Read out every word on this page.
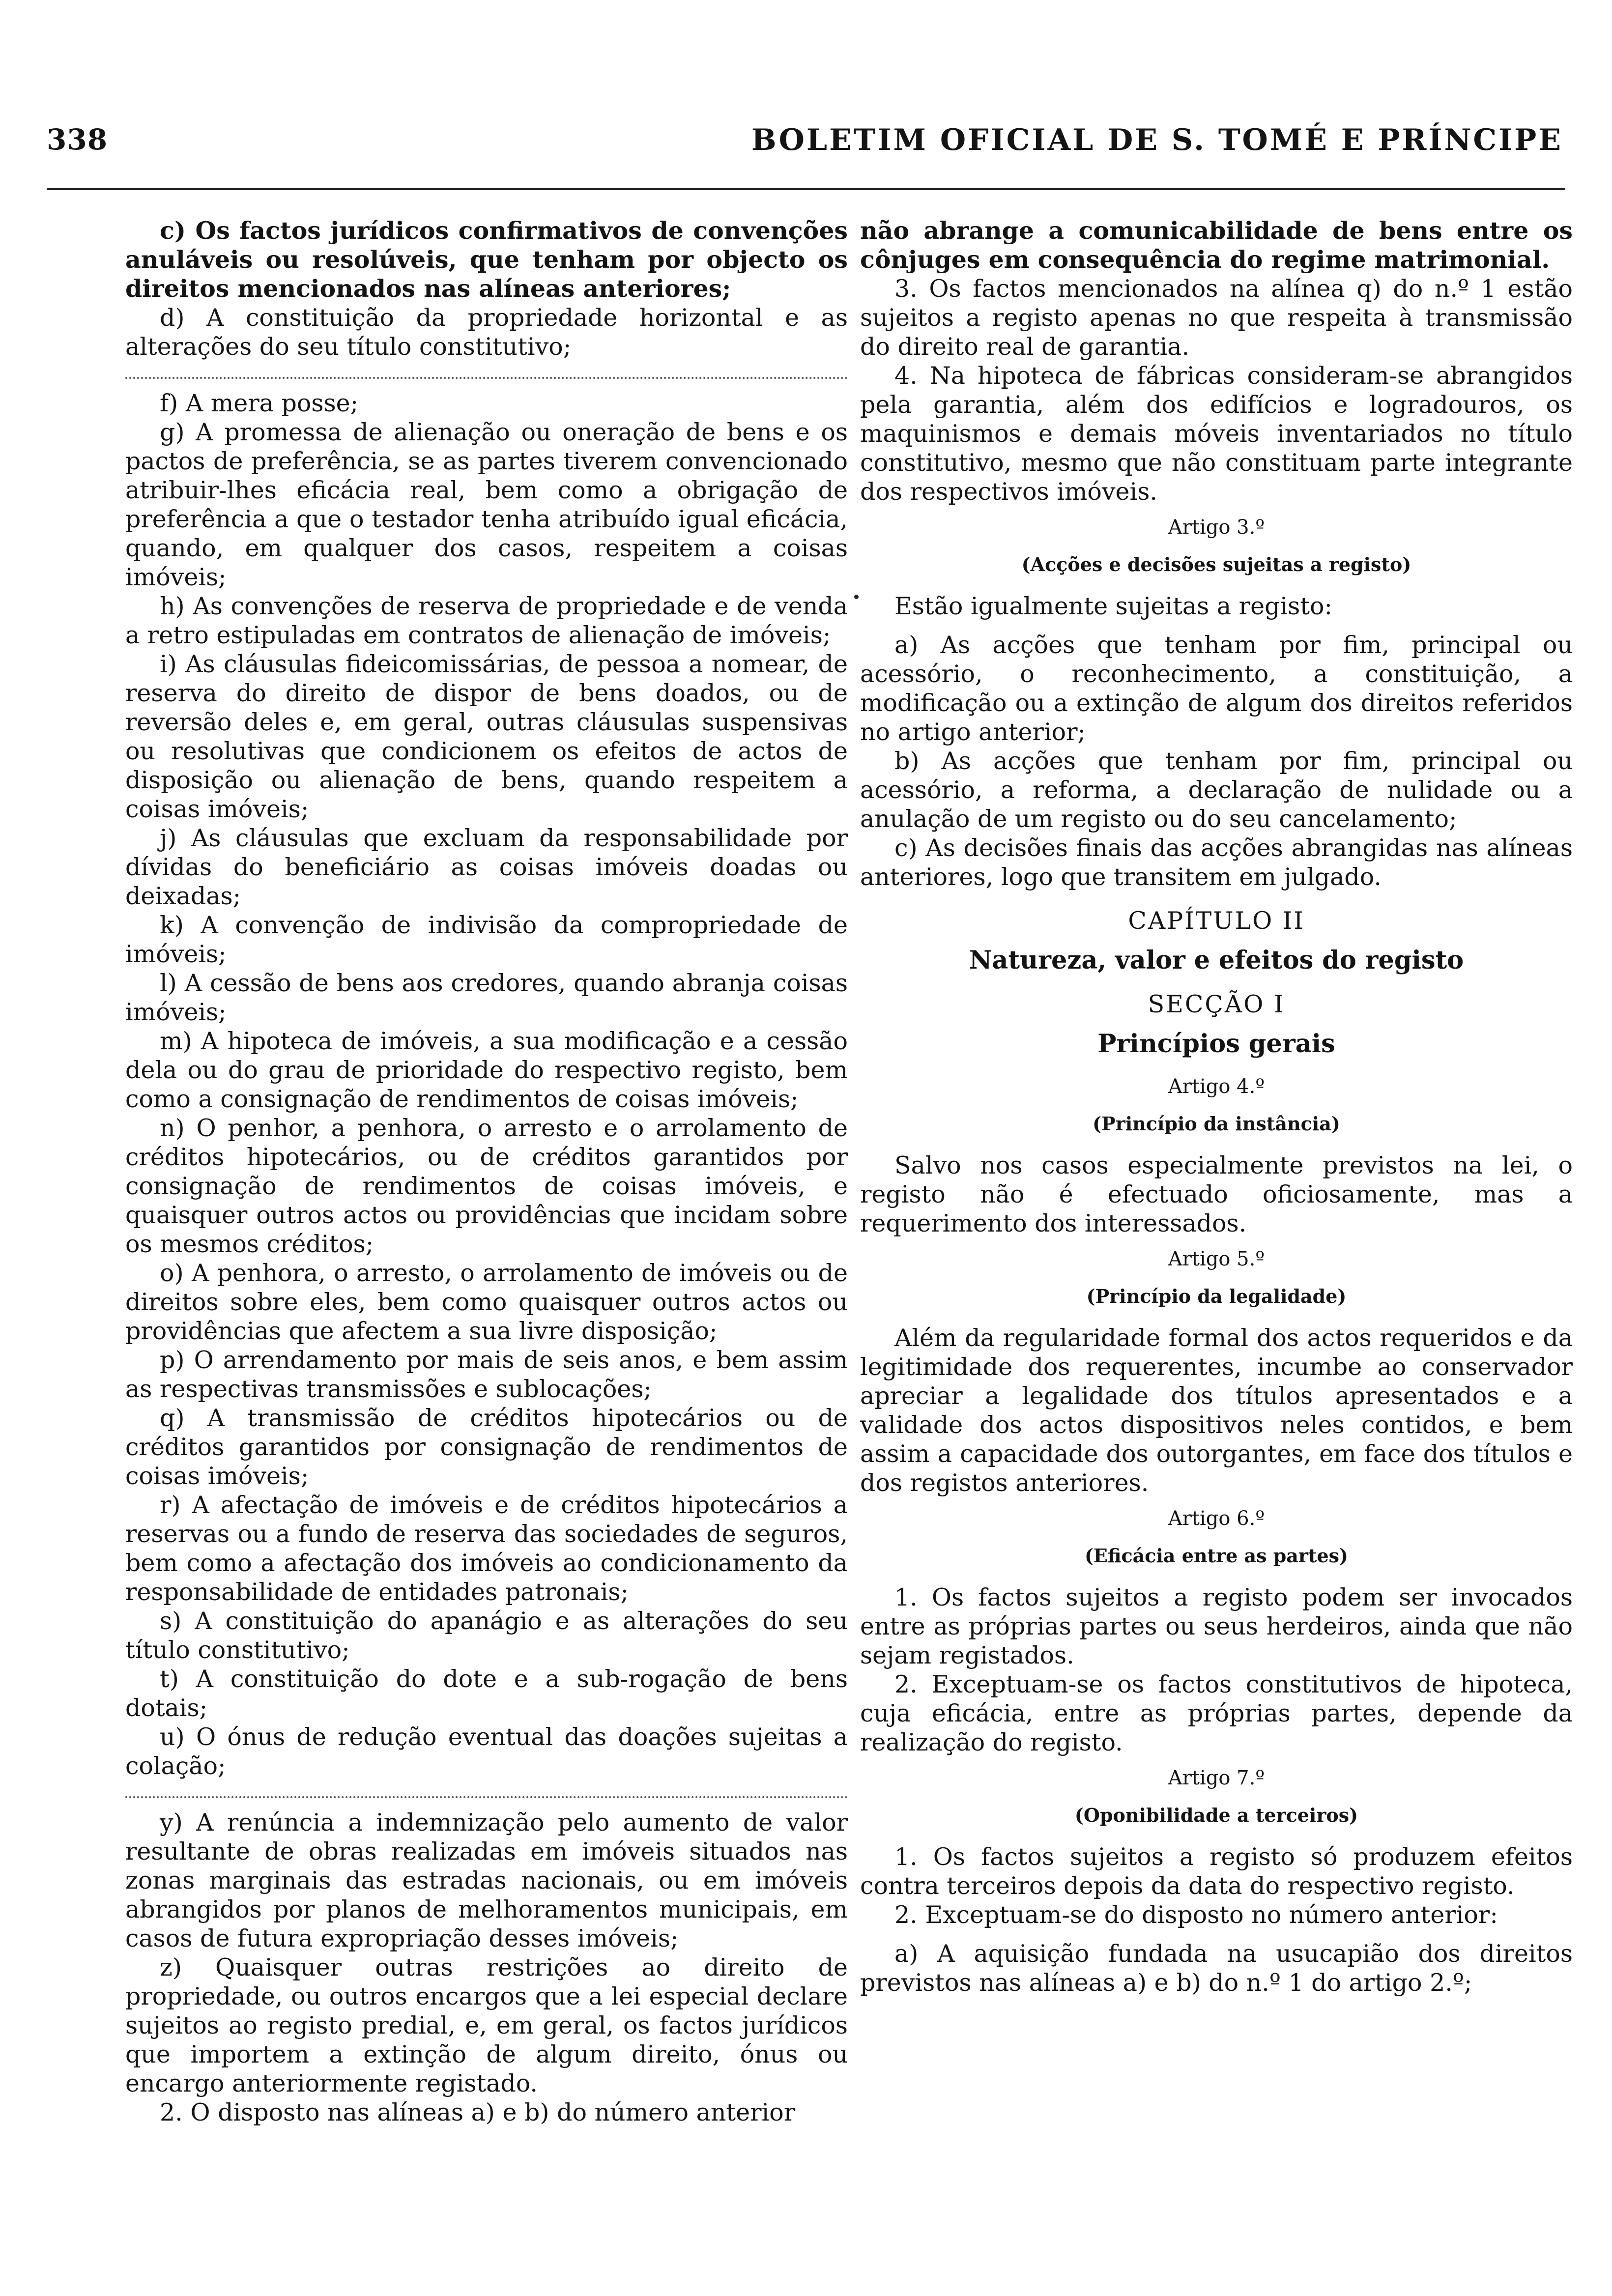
338	BOLETIM OFICIAL DE S. TOMÉ E PRÍNCIPE

c) Os factos jurídicos confirmativos de convenções anuláveis ou resolúveis, que tenham por objecto os direitos mencionados nas alíneas anteriores;

d) A constituição da propriedade horizontal e as alterações do seu título constitutivo;

f) A mera posse;

g) A promessa de alienação ou oneração de bens e os pactos de preferência, se as partes tiverem convencionado atribuir-lhes eficácia real, bem como a obrigação de preferência a que o testador tenha atribuído igual eficácia, quando, em qualquer dos casos, respeitem a coisas imóveis;

h) As convenções de reserva de propriedade e de venda a retro estipuladas em contratos de alienação de imóveis;

i) As cláusulas fideicomissárias, de pessoa a nomear, de reserva do direito de dispor de bens doados, ou de reversão deles e, em geral, outras cláusulas suspensivas ou resolutivas que condicionem os efeitos de actos de disposição ou alienação de bens, quando respeitem a coisas imóveis;

j) As cláusulas que excluam da responsabilidade por dívidas do beneficiário as coisas imóveis doadas ou deixadas;

k) A convenção de indivisão da compropriedade de imóveis;

l) A cessão de bens aos credores, quando abranja coisas imóveis;

m) A hipoteca de imóveis, a sua modificação e a cessão dela ou do grau de prioridade do respectivo registo, bem como a consignação de rendimentos de coisas imóveis;

n) O penhor, a penhora, o arresto e o arrolamento de créditos hipotecários, ou de créditos garantidos por consignação de rendimentos de coisas imóveis, e quaisquer outros actos ou providências que incidam sobre os mesmos créditos;

o) A penhora, o arresto, o arrolamento de imóveis ou de direitos sobre eles, bem como quaisquer outros actos ou providências que afectem a sua livre disposição;

p) O arrendamento por mais de seis anos, e bem assim as respectivas transmissões e sublocações;

q) A transmissão de créditos hipotecários ou de créditos garantidos por consignação de rendimentos de coisas imóveis;

r) A afectação de imóveis e de créditos hipotecários a reservas ou a fundo de reserva das sociedades de seguros, bem como a afectação dos imóveis ao condicionamento da responsabilidade de entidades patronais;

s) A constituição do apanágio e as alterações do seu título constitutivo;

t) A constituição do dote e a sub-rogação de bens dotais;

u) O ónus de redução eventual das doações sujeitas a colação;

y) A renúncia a indemnização pelo aumento de valor resultante de obras realizadas em imóveis situados nas zonas marginais das estradas nacionais, ou em imóveis abrangidos por planos de melhoramentos municipais, em casos de futura expropriação desses imóveis;

z) Quaisquer outras restrições ao direito de propriedade, ou outros encargos que a lei especial declare sujeitos ao registo predial, e, em geral, os factos jurídicos que importem a extinção de algum direito, ónus ou encargo anteriormente registado.

2. O disposto nas alíneas a) e b) do número anterior

não abrange a comunicabilidade de bens entre os cônjuges em consequência do regime matrimonial.

3. Os factos mencionados na alínea q) do n.º 1 estão sujeitos a registo apenas no que respeita à transmissão do direito real de garantia.

4. Na hipoteca de fábricas consideram-se abrangidos pela garantia, além dos edifícios e logradouros, os maquinismos e demais móveis inventariados no título constitutivo, mesmo que não constituam parte integrante dos respectivos imóveis.

Artigo 3.º
(Acções e decisões sujeitas a registo)

Estão igualmente sujeitas a registo:

a) As acções que tenham por fim, principal ou acessório, o reconhecimento, a constituição, a modificação ou a extinção de algum dos direitos referidos no artigo anterior;

b) As acções que tenham por fim, principal ou acessório, a reforma, a declaração de nulidade ou a anulação de um registo ou do seu cancelamento;

c) As decisões finais das acções abrangidas nas alíneas anteriores, logo que transitem em julgado.

CAPÍTULO II
Natureza, valor e efeitos do registo
SECÇÃO I
Princípios gerais
Artigo 4.º
(Princípio da instância)

Salvo nos casos especialmente previstos na lei, o registo não é efectuado oficiosamente, mas a requerimento dos interessados.

Artigo 5.º
(Princípio da legalidade)

Além da regularidade formal dos actos requeridos e da legitimidade dos requerentes, incumbe ao conservador apreciar a legalidade dos títulos apresentados e a validade dos actos dispositivos neles contidos, e bem assim a capacidade dos outorgantes, em face dos títulos e dos registos anteriores.

Artigo 6.º
(Eficácia entre as partes)

1. Os factos sujeitos a registo podem ser invocados entre as próprias partes ou seus herdeiros, ainda que não sejam registados.

2. Exceptuam-se os factos constitutivos de hipoteca, cuja eficácia, entre as próprias partes, depende da realização do registo.

Artigo 7.º
(Oponibilidade a terceiros)

1. Os factos sujeitos a registo só produzem efeitos contra terceiros depois da data do respectivo registo.

2. Exceptuam-se do disposto no número anterior:

a) A aquisição fundada na usucapião dos direitos previstos nas alíneas a) e b) do n.º 1 do artigo 2.º;
